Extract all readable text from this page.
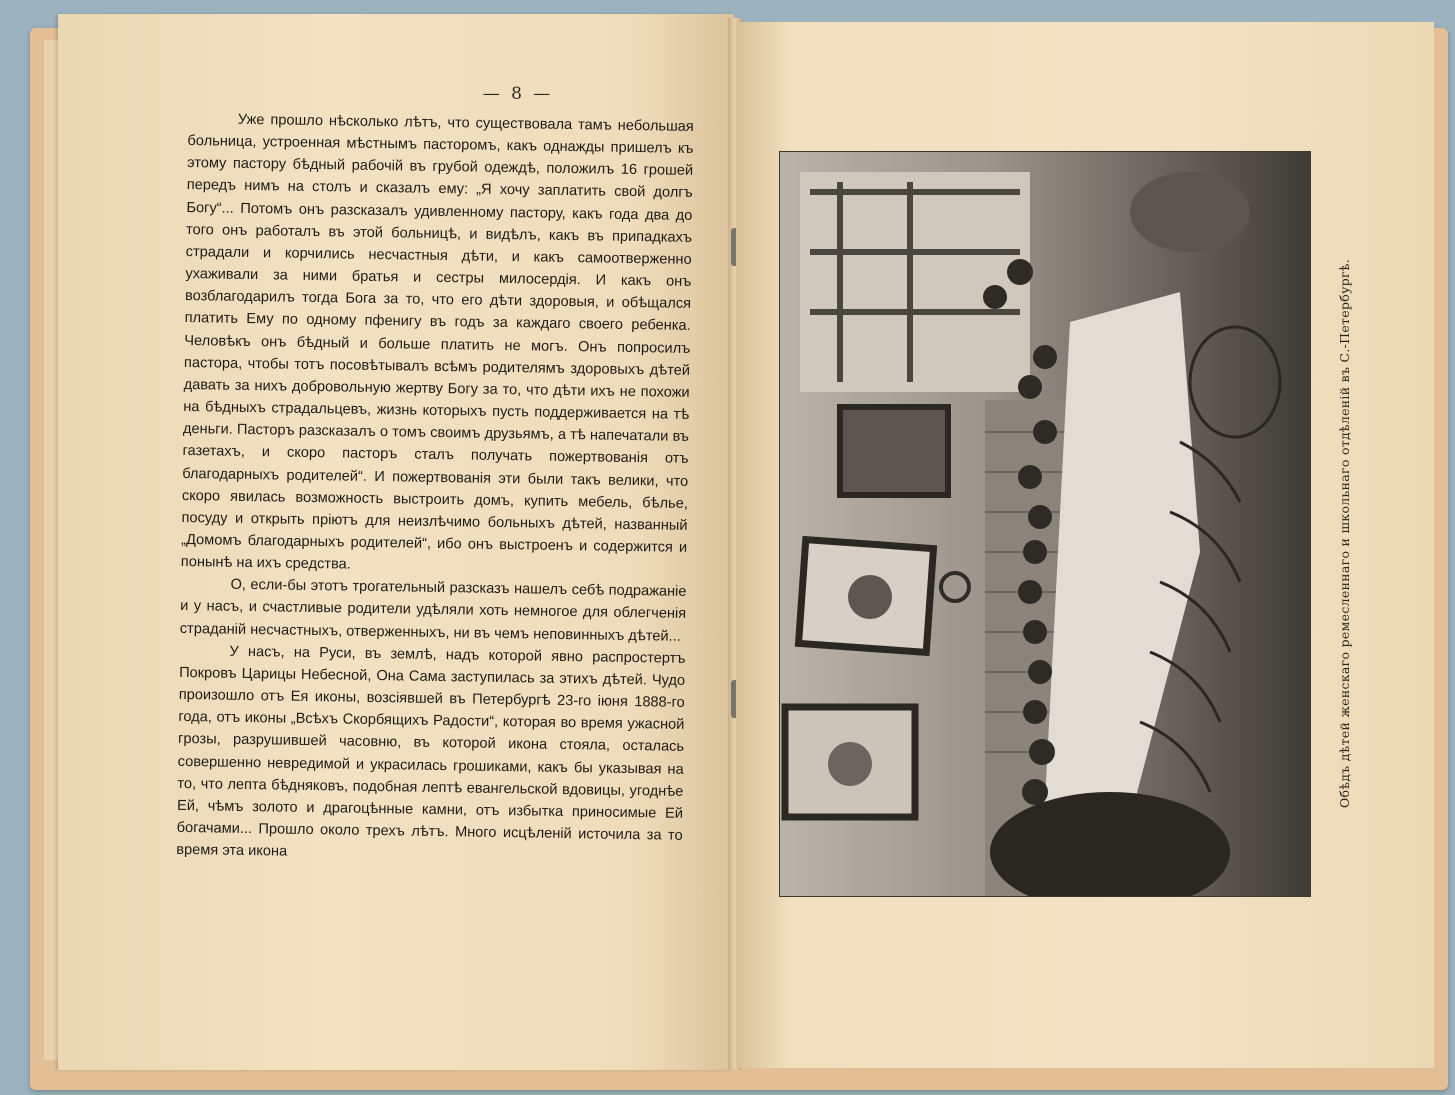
— 8 —

Уже прошло нѣсколько лѣтъ, что существовала тамъ небольшая больница, устроенная мѣстнымъ пасторомъ, какъ однажды пришелъ къ этому пастору бѣдный рабочій въ грубой одеждѣ, положилъ 16 грошей передъ нимъ на столъ и сказалъ ему: „Я хочу заплатить свой долгъ Богу“... Потомъ онъ разсказалъ удивленному пастору, какъ года два до того онъ работалъ въ этой больницѣ, и видѣлъ, какъ въ припадкахъ страдали и корчились несчастныя дѣти, и какъ самоотверженно ухаживали за ними братья и сестры милосердія. И какъ онъ возблагодарилъ тогда Бога за то, что его дѣти здоровыя, и обѣщался платить Ему по одному пфенигу въ годъ за каждаго своего ребенка. Человѣкъ онъ бѣдный и больше платить не могъ. Онъ попросилъ пастора, чтобы тотъ посовѣтывалъ всѣмъ родителямъ здоровыхъ дѣтей давать за нихъ добровольную жертву Богу за то, что дѣти ихъ не похожи на бѣдныхъ страдальцевъ, жизнь которыхъ пусть поддерживается на тѣ деньги. Пасторъ разсказалъ о томъ своимъ друзьямъ, а тѣ напечатали въ газетахъ, и скоро пасторъ сталъ получать пожертвованія отъ благодарныхъ родителей“. И пожертвованія эти были такъ велики, что скоро явилась возможность выстроить домъ, купить мебель, бѣлье, посуду и открыть пріютъ для неизлѣчимо больныхъ дѣтей, названный „Домомъ благодарныхъ родителей“, ибо онъ выстроенъ и содержится и понынѣ на ихъ средства.

О, если-бы этотъ трогательный разсказъ нашелъ себѣ подражаніе и у насъ, и счастливые родители удѣляли хоть немногое для облегченія страданій несчастныхъ, отверженныхъ, ни въ чемъ неповинныхъ дѣтей...

У насъ, на Руси, въ землѣ, надъ которой явно распростертъ Покровъ Царицы Небесной, Она Сама заступилась за этихъ дѣтей. Чудо произошло отъ Ея иконы, возсіявшей въ Петербургѣ 23-го іюня 1888-го года, отъ иконы „Всѣхъ Скорбящихъ Радости“, которая во время ужасной грозы, разрушившей часовню, въ которой икона стояла, осталась совершенно невредимой и украсилась грошиками, какъ бы указывая на то, что лепта бѣдняковъ, подобная лептѣ евангельской вдовицы, угоднѣе Ей, чѣмъ золото и драгоцѣнные камни, отъ избытка приносимые Ей богачами... Прошло около трехъ лѣтъ. Много исцѣленій источила за то время эта икона

Обѣдъ дѣтей женскаго ремесленнаго и школьнаго отдѣленій въ С.-Петербургѣ.
